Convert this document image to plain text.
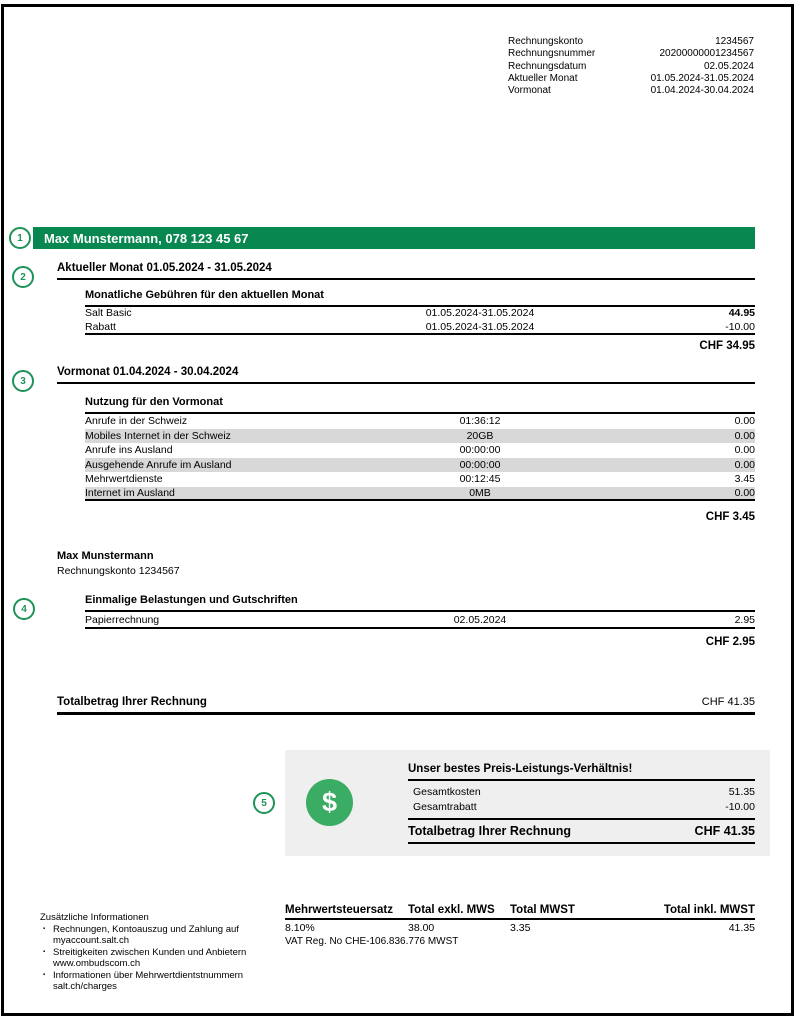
Rechnungskonto	1234567
Rechnungsnummer	20200000001234567
Rechnungsdatum	02.05.2024
Aktueller Monat	01.05.2024-31.05.2024
Vormonat	01.04.2024-30.04.2024
1
2
3
4
5
Max Munstermann, 078 123 45 67
Aktueller Monat 01.05.2024 - 31.05.2024
Monatliche Gebühren für den aktuellen Monat
Salt Basic	01.05.2024-31.05.2024	44.95
Rabatt	01.05.2024-31.05.2024	-10.00
CHF 34.95
Vormonat 01.04.2024 - 30.04.2024
Nutzung für den Vormonat
Anrufe in der Schweiz	01:36:12	0.00
Mobiles Internet in der Schweiz	20GB	0.00
Anrufe ins Ausland	00:00:00	0.00
Ausgehende Anrufe im Ausland	00:00:00	0.00
Mehrwertdienste	00:12:45	3.45
Internet im Ausland	0MB	0.00
CHF 3.45
Max Munstermann
Rechnungskonto 1234567
Einmalige Belastungen und Gutschriften
Papierrechnung	02.05.2024	2.95
CHF 2.95
Totalbetrag Ihrer Rechnung	CHF 41.35
$
Unser bestes Preis-Leistungs-Verhältnis!
Gesamtkosten	51.35
Gesamtrabatt	-10.00
Totalbetrag Ihrer Rechnung	CHF 41.35
Mehrwertsteuersatz	Total exkl. MWS	Total MWST	Total inkl. MWST
8.10%	38.00	3.35	41.35
VAT Reg. No CHE-106.836.776 MWST
Zusätzliche Informationen
▪ Rechnungen, Kontoauszug und Zahlung auf myaccount.salt.ch
▪ Streitigkeiten zwischen Kunden und Anbietern www.ombudscom.ch
▪ Informationen über Mehrwertdientstnummern salt.ch/charges
